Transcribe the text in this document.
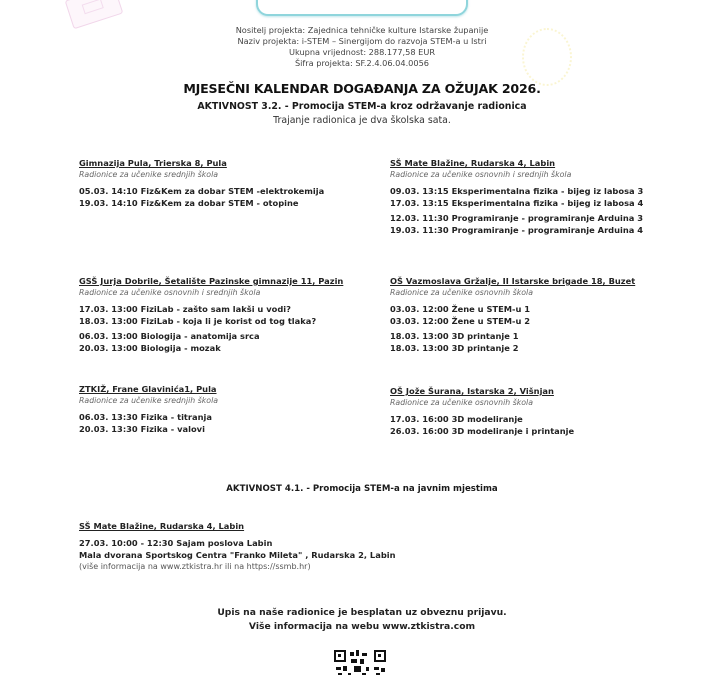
Nositelj projekta: Zajednica tehničke kulture Istarske županije
Naziv projekta: i-STEM – Sinergijom do razvoja STEM-a u Istri
Ukupna vrijednost: 288.177,58 EUR
Šifra projekta: SF.2.4.06.04.0056
MJESEČNI KALENDAR DOGAĐANJA ZA OŽUJAK 2026.
AKTIVNOST 3.2. - Promocija STEM-a kroz održavanje radionica
Trajanje radionica je dva školska sata.
Gimnazija Pula, Trierska 8, Pula
Radionice za učenike srednjih škola
05.03. 14:10 Fiz&Kem za dobar STEM -elektrokemija
19.03. 14:10 Fiz&Kem za dobar STEM - otopine
SŠ Mate Blažine, Rudarska 4, Labin
Radionice za učenike osnovnih i srednjih škola
09.03. 13:15 Eksperimentalna fizika - bijeg iz labosa 3
17.03. 13:15 Eksperimentalna fizika - bijeg iz labosa 4
12.03. 11:30 Programiranje - programiranje Arduina 3
19.03. 11:30 Programiranje - programiranje Arduina 4
GSŠ Jurja Dobrile, Šetalište Pazinske gimnazije 11, Pazin
Radionice za učenike osnovnih i srednjih škola
17.03. 13:00 FiziLab - zašto sam lakši u vodi?
18.03. 13:00 FiziLab - koja li je korist od tog tlaka?
06.03. 13:00 Biologija - anatomija srca
20.03. 13:00 Biologija - mozak
OŠ Vazmoslava Gržalje, II Istarske brigade 18, Buzet
Radionice za učenike osnovnih škola
03.03. 12:00 Žene u STEM-u 1
03.03. 12:00 Žene u STEM-u 2
18.03. 13:00 3D printanje 1
18.03. 13:00 3D printanje 2
ZTKIŽ, Frane Glavinića1, Pula
Radionice za učenike srednjih škola
06.03. 13:30 Fizika - titranja
20.03. 13:30 Fizika - valovi
OŠ Jože Šurana, Istarska 2, Višnjan
Radionice za učenike osnovnih škola
17.03. 16:00 3D modeliranje
26.03. 16:00 3D modeliranje i printanje
AKTIVNOST 4.1. - Promocija STEM-a na javnim mjestima
SŠ Mate Blažine, Rudarska 4, Labin
27.03. 10:00 - 12:30 Sajam poslova Labin
Mala dvorana Sportskog Centra "Franko Mileta" , Rudarska 2, Labin
(više informacija na www.ztkistra.hr ili na https://ssmb.hr)
Upis na naše radionice je besplatan uz obveznu prijavu.
Više informacija na webu www.ztkistra.com
